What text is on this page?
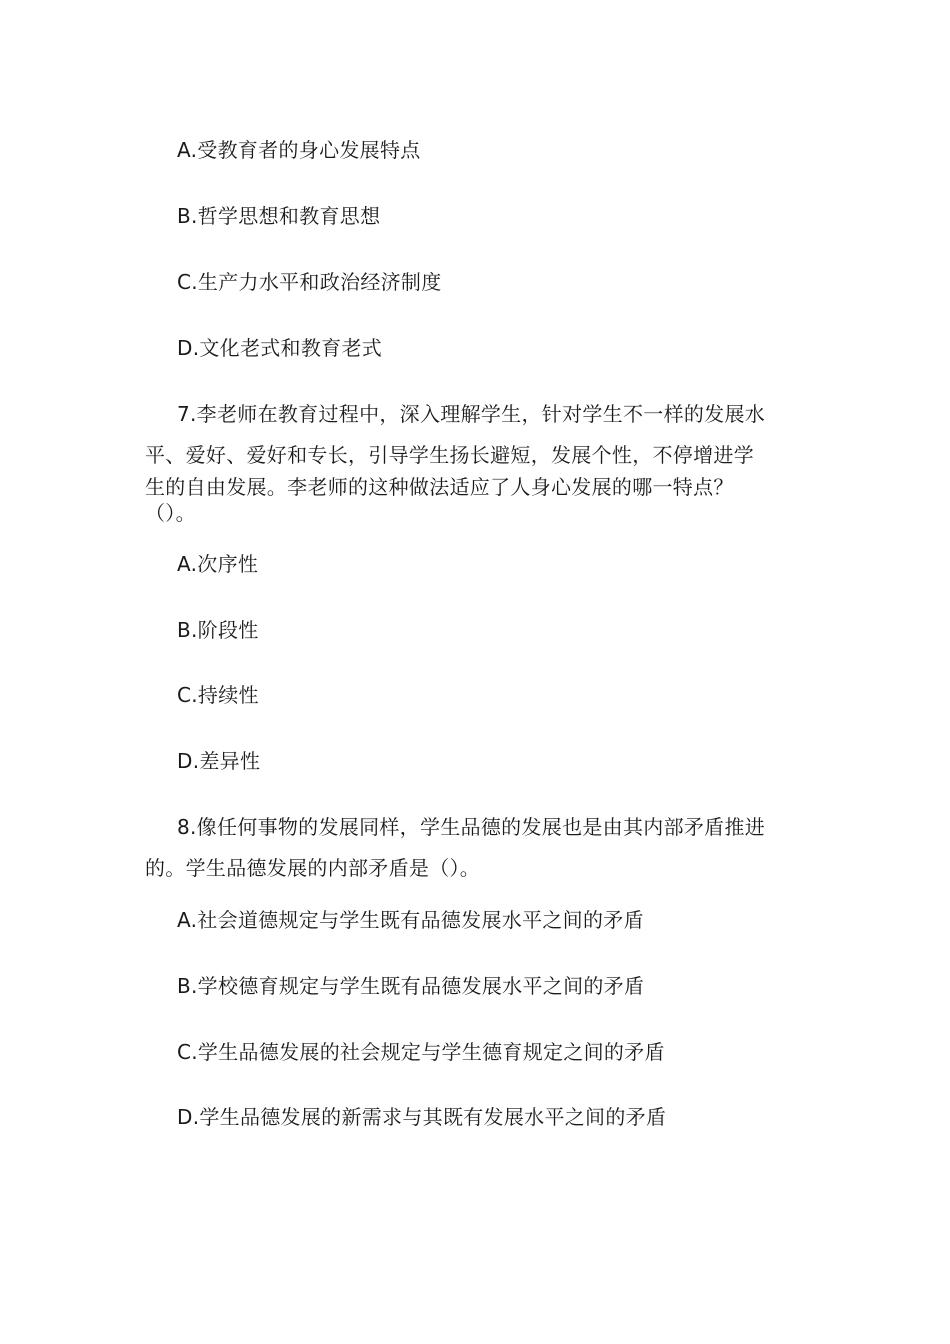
A.受教育者的身心发展特点
B.哲学思想和教育思想
C.生产力水平和政治经济制度
D.文化老式和教育老式
7.李老师在教育过程中，深入理解学生，针对学生不一样的发展水
平、爱好、爱好和专长，引导学生扬长避短，发展个性，不停增进学
生的自由发展。李老师的这种做法适应了人身心发展的哪一特点？
（）。
A.次序性
B.阶段性
C.持续性
D.差异性
8.像任何事物的发展同样，学生品德的发展也是由其内部矛盾推进
的。学生品德发展的内部矛盾是（）。
A.社会道德规定与学生既有品德发展水平之间的矛盾
B.学校德育规定与学生既有品德发展水平之间的矛盾
C.学生品德发展的社会规定与学生德育规定之间的矛盾
D.学生品德发展的新需求与其既有发展水平之间的矛盾
